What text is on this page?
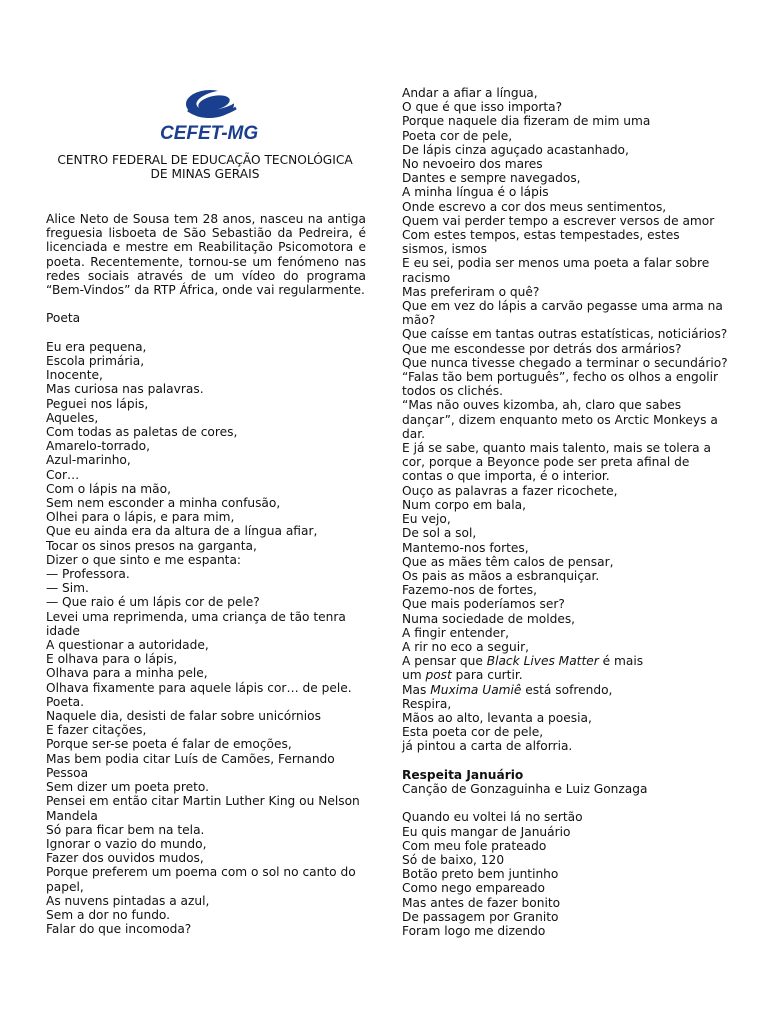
CEFET-MG
CENTRO FEDERAL DE EDUCAÇÃO TECNOLÓGICA
DE MINAS GERAIS
Alice Neto de Sousa tem 28 anos, nasceu na antiga freguesia lisboeta de São Sebastião da Pedreira, é licenciada e mestre em Reabilitação Psicomotora e poeta. Recentemente, tornou-se um fenómeno nas redes sociais através de um vídeo do programa “Bem-Vindos” da RTP África, onde vai regularmente.
Poeta
Eu era pequena,
Escola primária,
Inocente,
Mas curiosa nas palavras.
Peguei nos lápis,
Aqueles,
Com todas as paletas de cores,
Amarelo-torrado,
Azul-marinho,
Cor…
Com o lápis na mão,
Sem nem esconder a minha confusão,
Olhei para o lápis, e para mim,
Que eu ainda era da altura de a língua afiar,
Tocar os sinos presos na garganta,
Dizer o que sinto e me espanta:
— Professora.
— Sim.
— Que raio é um lápis cor de pele?
Levei uma reprimenda, uma criança de tão tenra idade
A questionar a autoridade,
E olhava para o lápis,
Olhava para a minha pele,
Olhava fixamente para aquele lápis cor… de pele.
Poeta.
Naquele dia, desisti de falar sobre unicórnios
E fazer citações,
Porque ser-se poeta é falar de emoções,
Mas bem podia citar Luís de Camões, Fernando Pessoa
Sem dizer um poeta preto.
Pensei em então citar Martin Luther King ou Nelson Mandela
Só para ficar bem na tela.
Ignorar o vazio do mundo,
Fazer dos ouvidos mudos,
Porque preferem um poema com o sol no canto do papel,
As nuvens pintadas a azul,
Sem a dor no fundo.
Falar do que incomoda?
Andar a afiar a língua,
O que é que isso importa?
Porque naquele dia fizeram de mim uma
Poeta cor de pele,
De lápis cinza aguçado acastanhado,
No nevoeiro dos mares
Dantes e sempre navegados,
A minha língua é o lápis
Onde escrevo a cor dos meus sentimentos,
Quem vai perder tempo a escrever versos de amor
Com estes tempos, estas tempestades, estes sismos, ismos
E eu sei, podia ser menos uma poeta a falar sobre racismo
Mas preferiram o quê?
Que em vez do lápis a carvão pegasse uma arma na mão?
Que caísse em tantas outras estatísticas, noticiários?
Que me escondesse por detrás dos armários?
Que nunca tivesse chegado a terminar o secundário?
“Falas tão bem português”, fecho os olhos a engolir todos os clichés.
“Mas não ouves kizomba, ah, claro que sabes dançar”, dizem enquanto meto os Arctic Monkeys a dar.
E já se sabe, quanto mais talento, mais se tolera a cor, porque a Beyonce pode ser preta afinal de contas o que importa, é o interior.
Ouço as palavras a fazer ricochete,
Num corpo em bala,
Eu vejo,
De sol a sol,
Mantemo-nos fortes,
Que as mães têm calos de pensar,
Os pais as mãos a esbranquiçar.
Fazemo-nos de fortes,
Que mais poderíamos ser?
Numa sociedade de moldes,
A fingir entender,
A rir no eco a seguir,
A pensar que Black Lives Matter é mais
um post para curtir.
Mas Muxima Uamiê está sofrendo,
Respira,
Mãos ao alto, levanta a poesia,
Esta poeta cor de pele,
já pintou a carta de alforria.
Respeita Januário
Canção de Gonzaguinha e Luiz Gonzaga
Quando eu voltei lá no sertão
Eu quis mangar de Januário
Com meu fole prateado
Só de baixo, 120
Botão preto bem juntinho
Como nego empareado
Mas antes de fazer bonito
De passagem por Granito
Foram logo me dizendo
